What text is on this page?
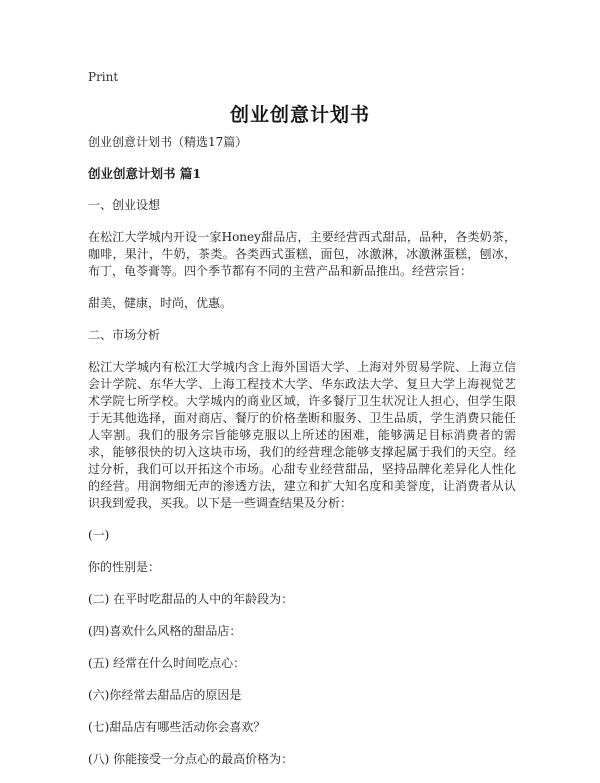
Print
创业创意计划书

创业创意计划书（精选17篇）

创业创意计划书 篇1

一、创业设想

在松江大学城内开设一家Honey甜品店，主要经营西式甜品，品种，各类奶茶，咖啡，果汁，牛奶，茶类。各类西式蛋糕，面包，冰激淋，冰激淋蛋糕，刨冰，布丁，龟苓膏等。四个季节都有不同的主营产品和新品推出。经营宗旨：

甜美，健康，时尚，优惠。

二、市场分析

松江大学城内有松江大学城内含上海外国语大学、上海对外贸易学院、上海立信会计学院、东华大学、上海工程技术大学、华东政法大学、复旦大学上海视觉艺术学院七所学校。大学城内的商业区域，许多餐厅卫生状况让人担心，但学生限于无其他选择，面对商店、餐厅的价格垄断和服务、卫生品质，学生消费只能任人宰割。我们的服务宗旨能够克服以上所述的困难，能够满足目标消费者的需求，能够很快的切入这块市场，我们的经营理念能够支撑起属于我们的天空。经过分析，我们可以开拓这个市场。心甜专业经营甜品，坚持品牌化差异化人性化的经营。用润物细无声的渗透方法，建立和扩大知名度和美誉度，让消费者从认识我到爱我，买我。以下是一些调查结果及分析：

(一)

你的性别是：

(二) 在平时吃甜品的人中的年龄段为：

(四)喜欢什么风格的甜品店：

(五) 经常在什么时间吃点心：

(六)你经常去甜品店的原因是

(七)甜品店有哪些活动你会喜欢？

(八) 你能接受一分点心的最高价格为：
